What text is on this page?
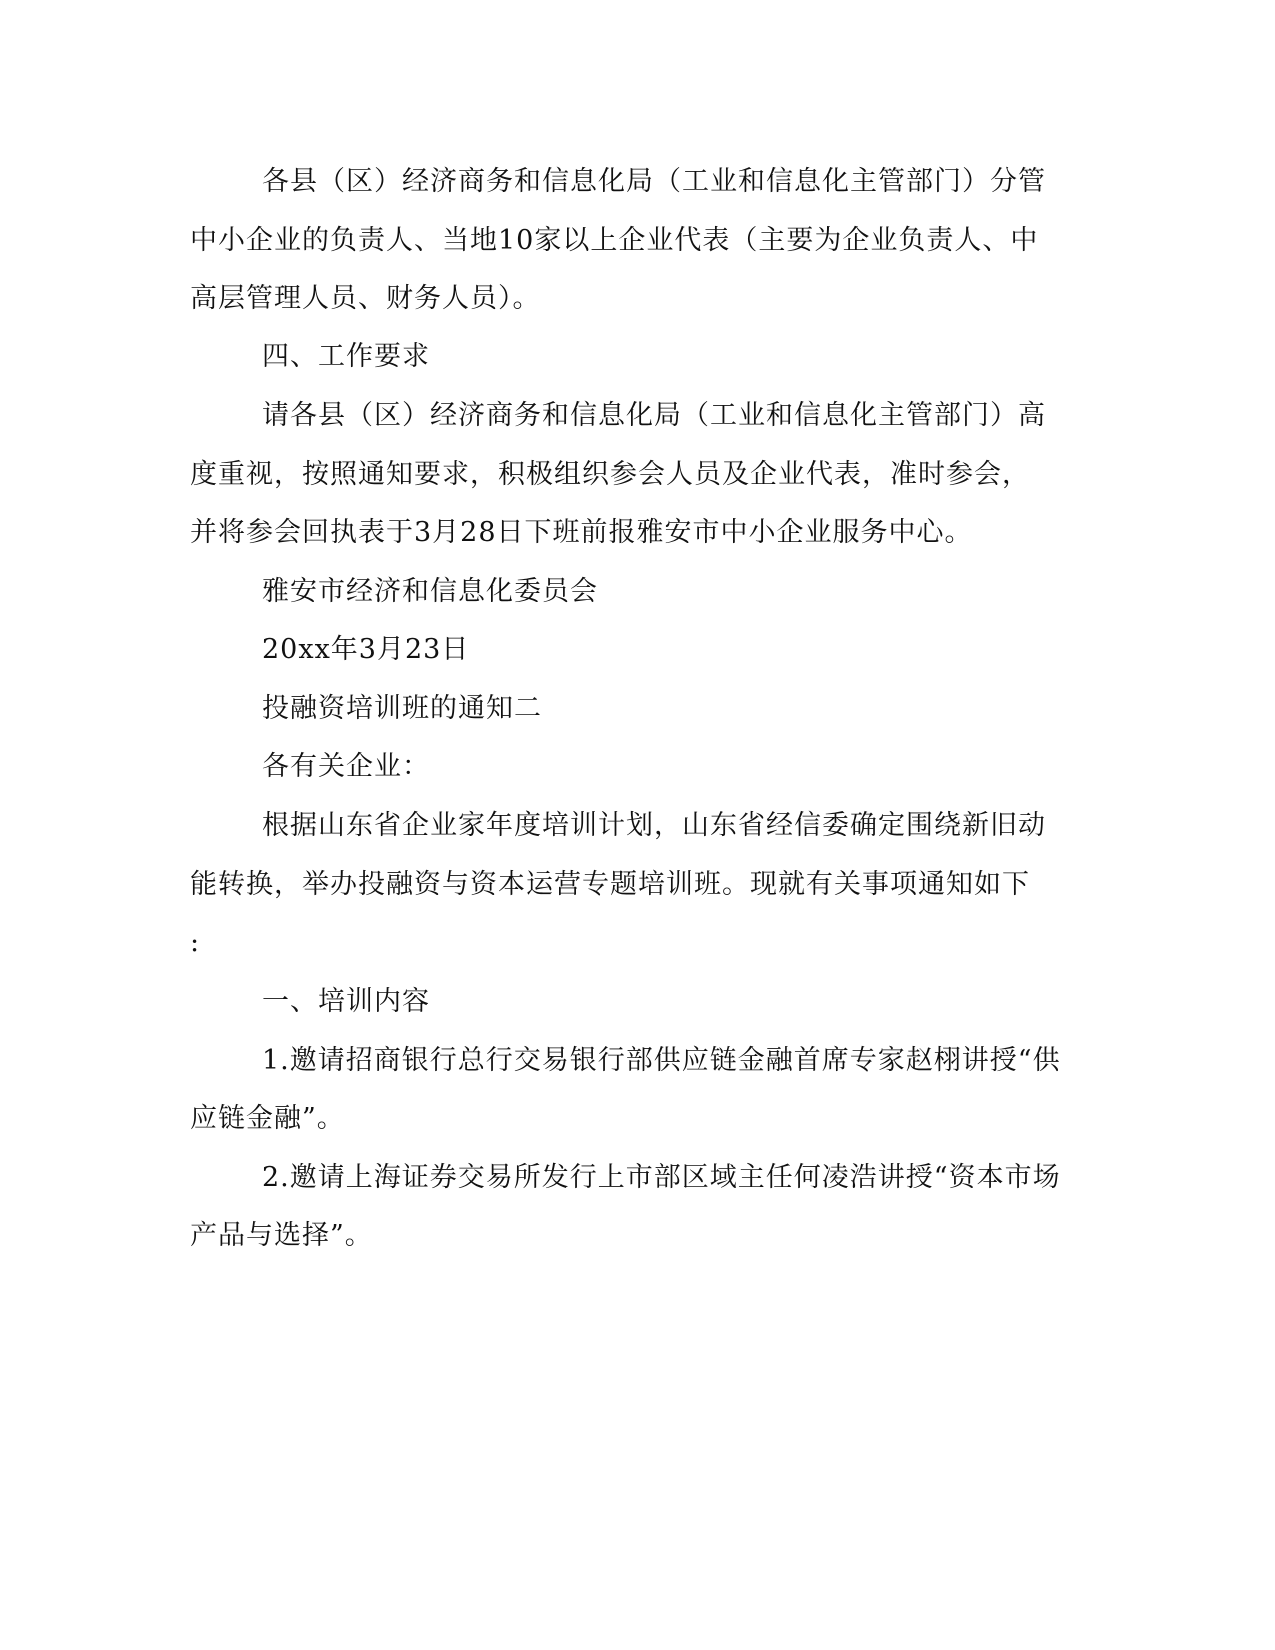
各县（区）经济商务和信息化局（工业和信息化主管部门）分管
中小企业的负责人、当地10家以上企业代表（主要为企业负责人、中
高层管理人员、财务人员）。
四、工作要求
请各县（区）经济商务和信息化局（工业和信息化主管部门）高
度重视，按照通知要求，积极组织参会人员及企业代表，准时参会，
并将参会回执表于3月28日下班前报雅安市中小企业服务中心。
雅安市经济和信息化委员会
20xx年3月23日
投融资培训班的通知二
各有关企业：
根据山东省企业家年度培训计划，山东省经信委确定围绕新旧动
能转换，举办投融资与资本运营专题培训班。现就有关事项通知如下
:
一、培训内容
1.邀请招商银行总行交易银行部供应链金融首席专家赵栩讲授“供
应链金融”。
2.邀请上海证券交易所发行上市部区域主任何凌浩讲授“资本市场
产品与选择”。
